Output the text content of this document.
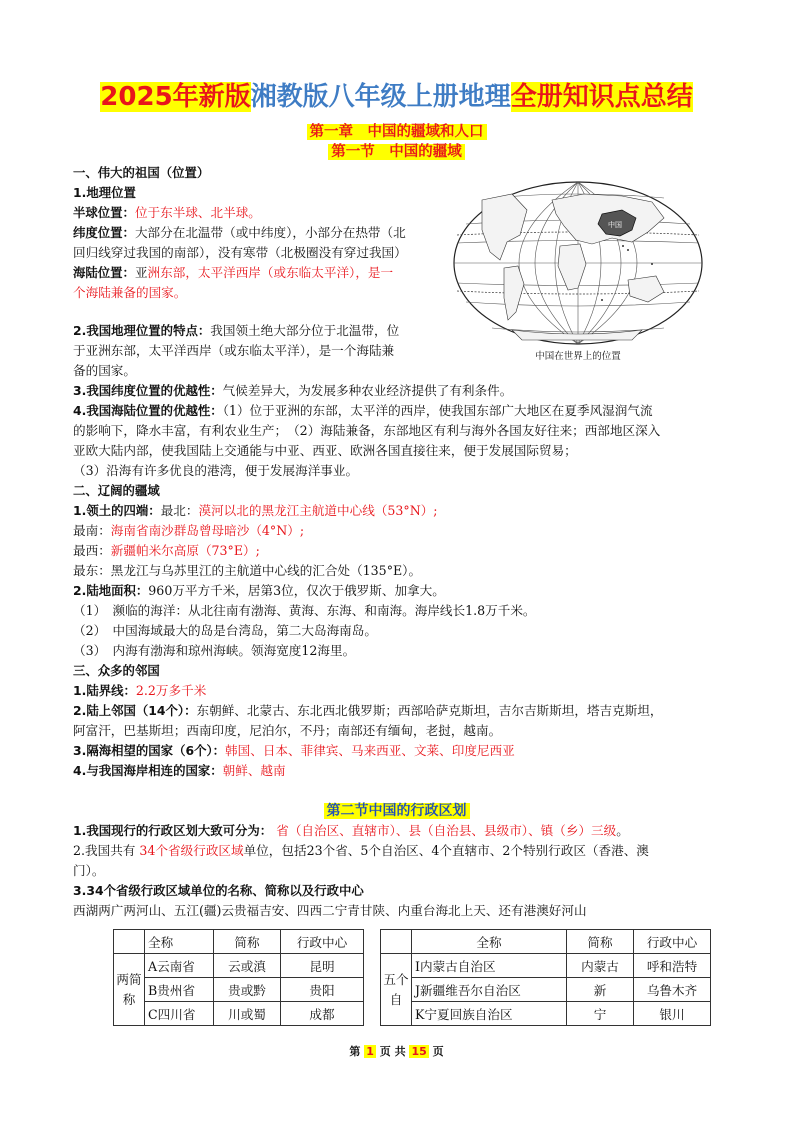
2025年新版湘教版八年级上册地理全册知识点总结
第一章　中国的疆域和人口
第一节　中国的疆域
中国
中国在世界上的位置
一、伟大的祖国（位置）
1.地理位置
半球位置：位于东半球、北半球。
纬度位置：大部分在北温带（或中纬度），小部分在热带（北
回归线穿过我国的南部），没有寒带（北极圈没有穿过我国）
海陆位置：亚洲东部，太平洋西岸（或东临太平洋），是一
个海陆兼备的国家。
2.我国地理位置的特点：我国领土绝大部分位于北温带，位
于亚洲东部，太平洋西岸（或东临太平洋），是一个海陆兼
备的国家。
3.我国纬度位置的优越性：气候差异大，为发展多种农业经济提供了有利条件。
4.我国海陆位置的优越性：（1）位于亚洲的东部，太平洋的西岸，使我国东部广大地区在夏季风湿润气流
的影响下，降水丰富，有利农业生产；　（2）海陆兼备，东部地区有利与海外各国友好往来；西部地区深入
亚欧大陆内部，使我国陆上交通能与中亚、西亚、欧洲各国直接往来，便于发展国际贸易；
（3）沿海有许多优良的港湾，便于发展海洋事业。
二、辽阔的疆域
1.领土的四端：最北：漠河以北的黑龙江主航道中心线（53°N）;
最南：海南省南沙群岛曾母暗沙（4°N）;
最西：新疆帕米尔高原（73°E）;
最东：黑龙江与乌苏里江的主航道中心线的汇合处（135°E）。
2.陆地面积：960万平方千米，居第3位，仅次于俄罗斯、加拿大。
（1）　濒临的海洋：从北往南有渤海、黄海、东海、和南海。海岸线长1.8万千米。
（2）　中国海域最大的岛是台湾岛，第二大岛海南岛。
（3）　内海有渤海和琼州海峡。领海宽度12海里。
三、众多的邻国
1.陆界线：2.2万多千米
2.陆上邻国（14个）：东朝鲜、北蒙古、东北西北俄罗斯；西部哈萨克斯坦，吉尔吉斯斯坦，塔吉克斯坦，
阿富汗，巴基斯坦；西南印度，尼泊尔，不丹；南部还有缅甸，老挝，越南。
3.隔海相望的国家（6个）：韩国、日本、菲律宾、马来西亚、文莱、印度尼西亚
4.与我国海岸相连的国家：朝鲜、越南
第二节中国的行政区划
1.我国现行的行政区划大致可分为： 省（自治区、直辖市）、县（自治县、县级市）、镇（乡）三级。
2.我国共有 34个省级行政区域单位，包括23个省、5个自治区、4个直辖市、2个特别行政区（香港、澳
门）。
3.34个省级行政区域单位的名称、简称以及行政中心
西湖两广两河山、五江(疆)云贵福吉安、四西二宁青甘陕、内重台海北上天、还有港澳好河山
	全称	简称	行政中心			全称	简称	行政中心
两简称	A云南省	云或滇	昆明		五个自	I内蒙古自治区	内蒙古	呼和浩特
	B贵州省	贵或黔	贵阳			J新疆维吾尔自治区	新	乌鲁木齐
	C四川省	川或蜀	成都			K宁夏回族自治区	宁	银川
第 1 页 共 15 页
